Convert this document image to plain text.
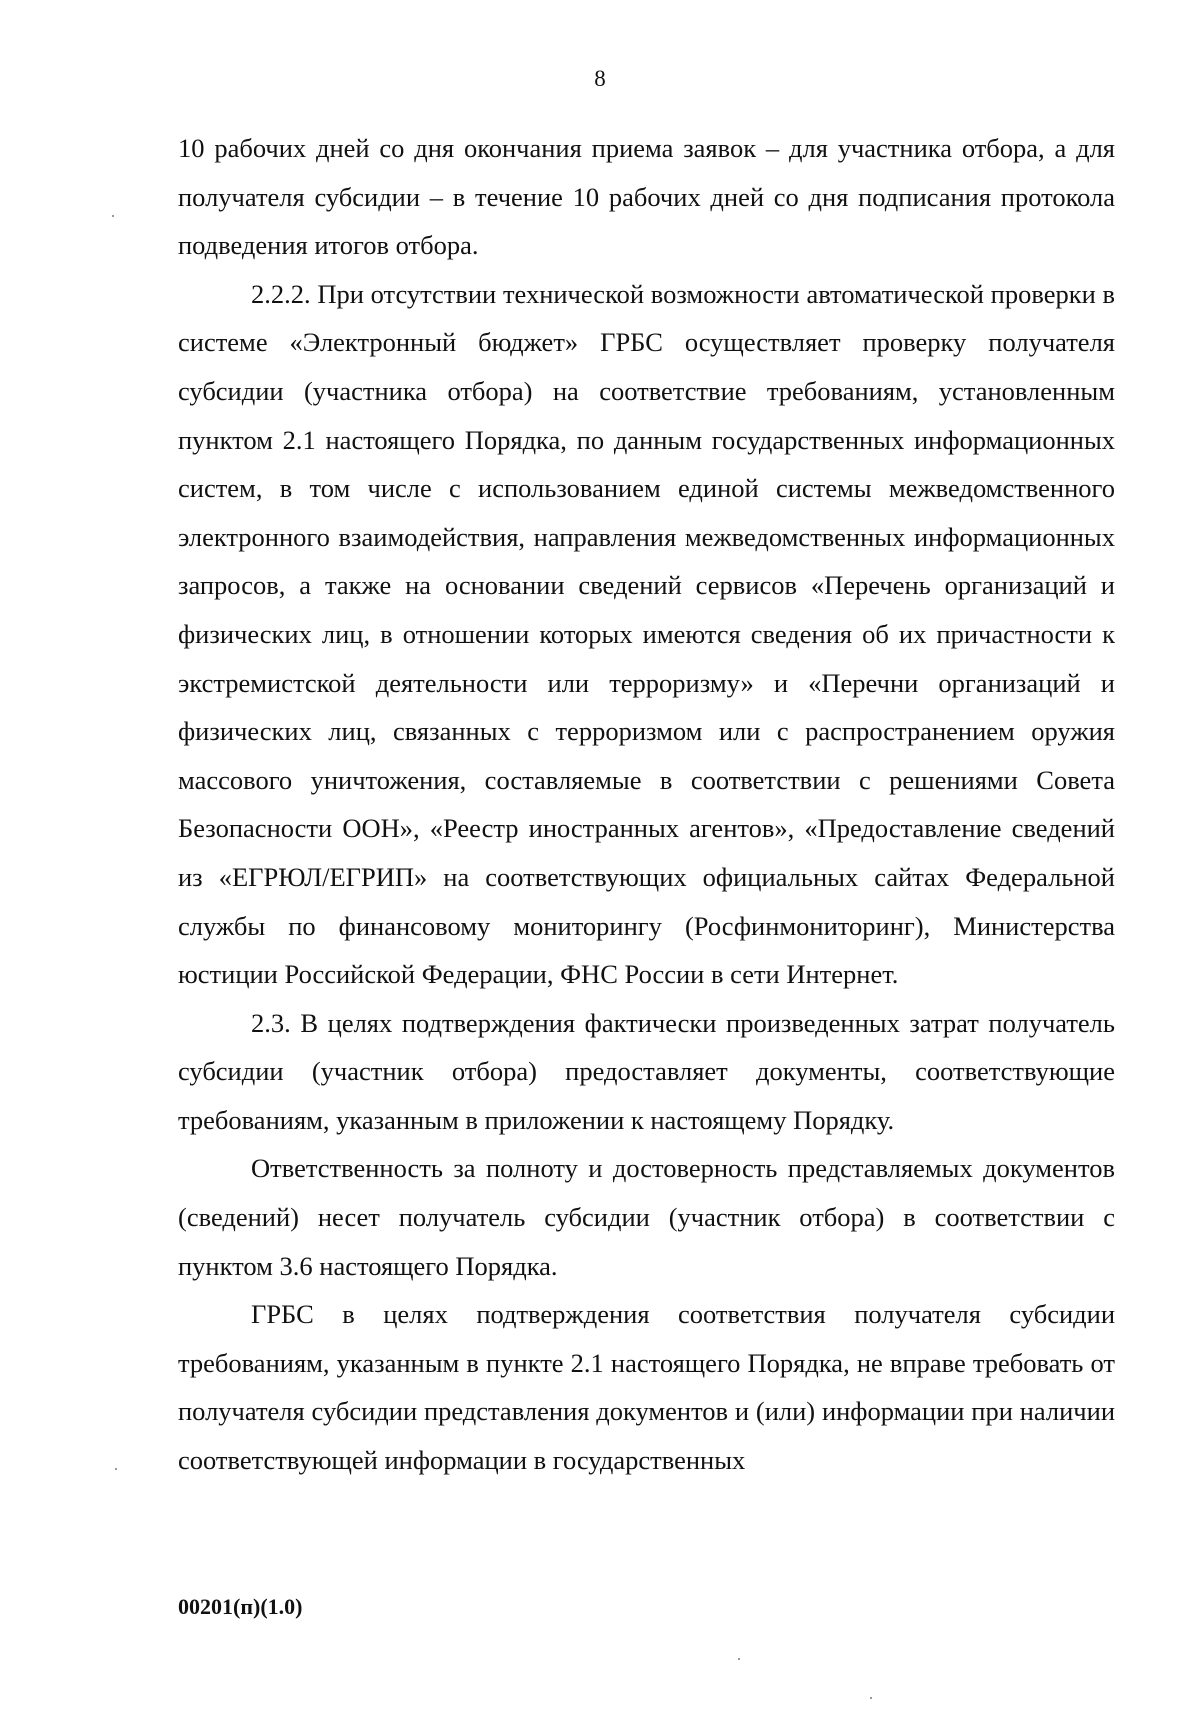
8

10 рабочих дней со дня окончания приема заявок – для участника отбора, а для получателя субсидии – в течение 10 рабочих дней со дня подписания протокола подведения итогов отбора.

2.2.2. При отсутствии технической возможности автоматической проверки в системе «Электронный бюджет» ГРБС осуществляет проверку получателя субсидии (участника отбора) на соответствие требованиям, установленным пунктом 2.1 настоящего Порядка, по данным государственных информационных систем, в том числе с использованием единой системы межведомственного электронного взаимодействия, направления межведомственных информационных запросов, а также на основании сведений сервисов «Перечень организаций и физических лиц, в отношении которых имеются сведения об их причастности к экстремистской деятельности или терроризму» и «Перечни организаций и физических лиц, связанных с терроризмом или с распространением оружия массового уничтожения, составляемые в соответствии с решениями Совета Безопасности ООН», «Реестр иностранных агентов», «Предоставление сведений из «ЕГРЮЛ/ЕГРИП» на соответствующих официальных сайтах Федеральной службы по финансовому мониторингу (Росфинмониторинг), Министерства юстиции Российской Федерации, ФНС России в сети Интернет.

2.3. В целях подтверждения фактически произведенных затрат получатель субсидии (участник отбора) предоставляет документы, соответствующие требованиям, указанным в приложении к настоящему Порядку.

Ответственность за полноту и достоверность представляемых документов (сведений) несет получатель субсидии (участник отбора) в соответствии с пунктом 3.6 настоящего Порядка.

ГРБС в целях подтверждения соответствия получателя субсидии требованиям, указанным в пункте 2.1 настоящего Порядка, не вправе требовать от получателя субсидии представления документов и (или) информации при наличии соответствующей информации в государственных

00201(п)(1.0)
